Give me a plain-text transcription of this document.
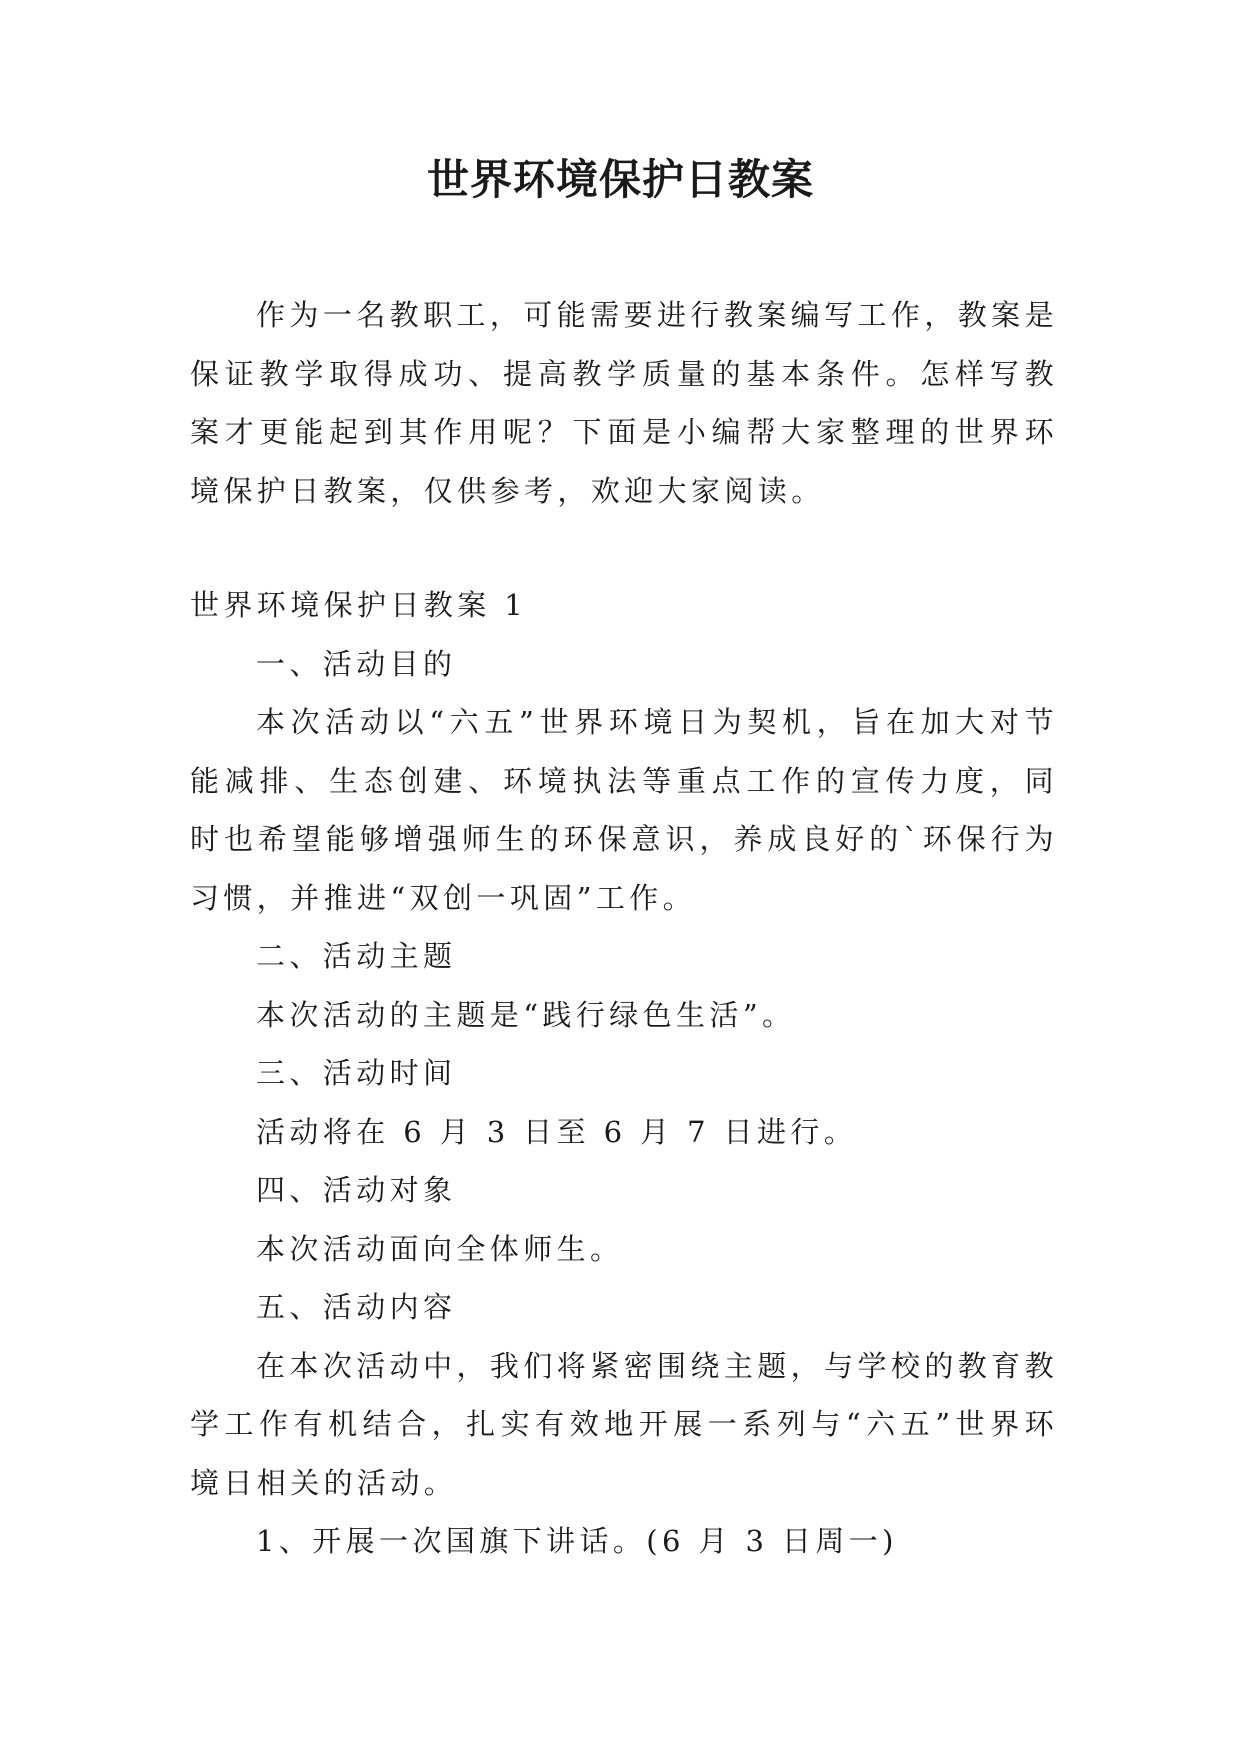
世界环境保护日教案

作为一名教职工，可能需要进行教案编写工作，教案是保证教学取得成功、提高教学质量的基本条件。怎样写教案才更能起到其作用呢？下面是小编帮大家整理的世界环境保护日教案，仅供参考，欢迎大家阅读。

世界环境保护日教案 1

一、活动目的

本次活动以“六五”世界环境日为契机，旨在加大对节能减排、生态创建、环境执法等重点工作的宣传力度，同时也希望能够增强师生的环保意识，养成良好的`环保行为习惯，并推进“双创一巩固”工作。

二、活动主题

本次活动的主题是“践行绿色生活”。

三、活动时间

活动将在 6 月 3 日至 6 月 7 日进行。

四、活动对象

本次活动面向全体师生。

五、活动内容

在本次活动中，我们将紧密围绕主题，与学校的教育教学工作有机结合，扎实有效地开展一系列与“六五”世界环境日相关的活动。

1、开展一次国旗下讲话。(6 月 3 日周一)
